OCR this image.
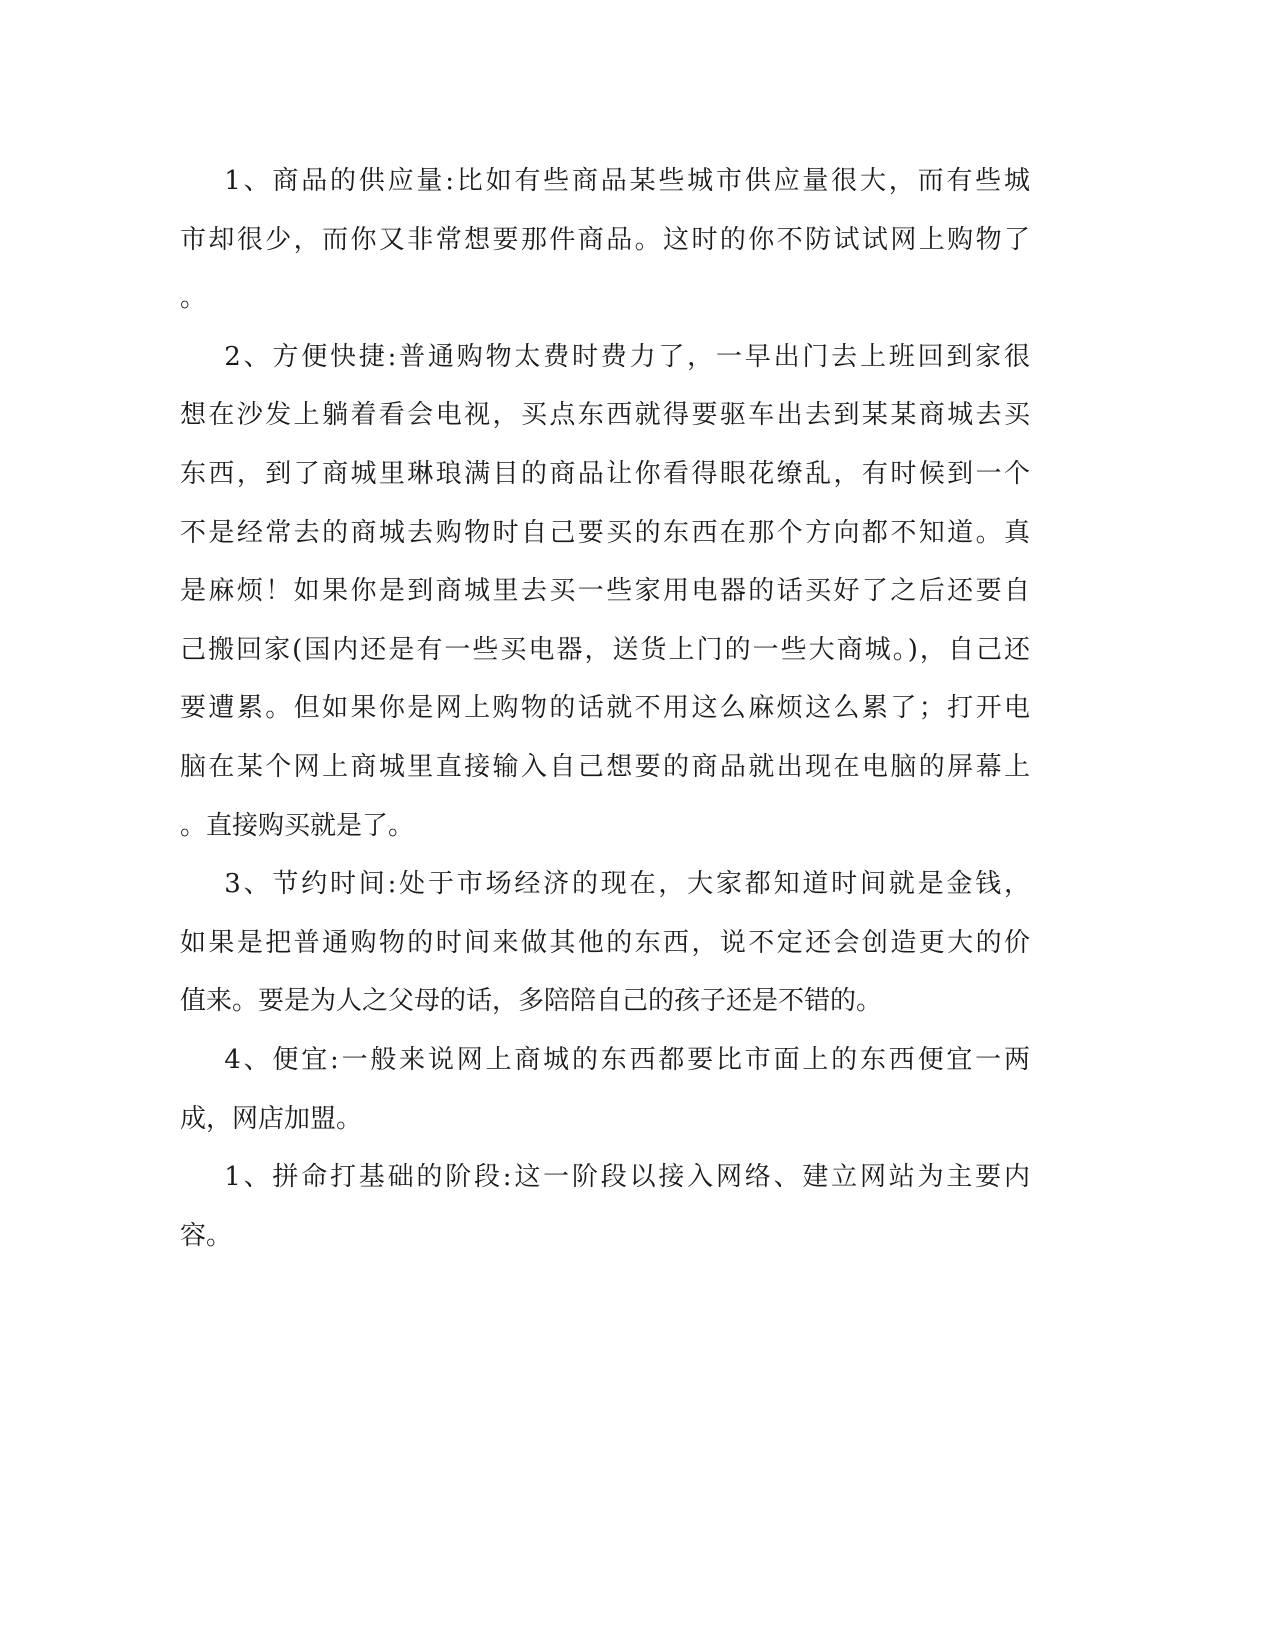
1、商品的供应量:比如有些商品某些城市供应量很大，而有些城
市却很少，而你又非常想要那件商品。这时的你不防试试网上购物了
。
2、方便快捷:普通购物太费时费力了，一早出门去上班回到家很
想在沙发上躺着看会电视，买点东西就得要驱车出去到某某商城去买
东西，到了商城里琳琅满目的商品让你看得眼花缭乱，有时候到一个
不是经常去的商城去购物时自己要买的东西在那个方向都不知道。真
是麻烦！如果你是到商城里去买一些家用电器的话买好了之后还要自
己搬回家(国内还是有一些买电器，送货上门的一些大商城。)，自己还
要遭累。但如果你是网上购物的话就不用这么麻烦这么累了；打开电
脑在某个网上商城里直接输入自己想要的商品就出现在电脑的屏幕上
。直接购买就是了。
3、节约时间:处于市场经济的现在，大家都知道时间就是金钱，
如果是把普通购物的时间来做其他的东西，说不定还会创造更大的价
值来。要是为人之父母的话，多陪陪自己的孩子还是不错的。
4、便宜:一般来说网上商城的东西都要比市面上的东西便宜一两
成，网店加盟。
1、拼命打基础的阶段:这一阶段以接入网络、建立网站为主要内
容。
